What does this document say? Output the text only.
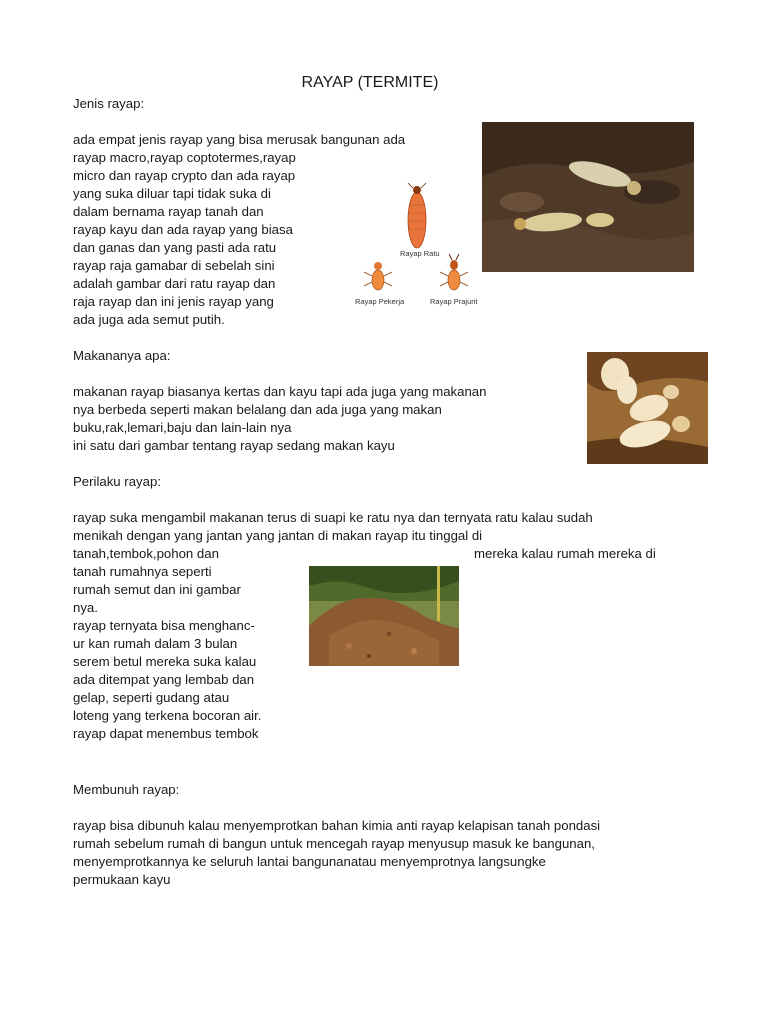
RAYAP (TERMITE)

Jenis rayap:

ada empat jenis rayap yang bisa merusak bangunan ada

rayap macro,rayap coptotermes,rayap

micro dan rayap crypto dan ada rayap

yang suka diluar tapi tidak suka di

dalam bernama rayap tanah dan

rayap kayu dan ada rayap yang biasa

dan ganas dan yang pasti ada ratu

rayap raja gamabar di sebelah sini

adalah gambar dari ratu rayap dan

raja rayap dan ini jenis rayap yang

ada juga ada semut putih.

Rayap Ratu
Rayap Pekerja	Rayap Prajurit

Makananya apa:

makanan rayap biasanya kertas dan kayu tapi ada juga yang makanan

nya berbeda seperti makan belalang dan ada juga yang makan

buku,rak,lemari,baju dan lain-lain nya

ini satu dari gambar tentang rayap sedang makan kayu

Perilaku rayap:

rayap suka mengambil makanan terus di suapi ke ratu nya dan ternyata ratu kalau sudah

menikah dengan yang jantan yang jantan di makan rayap itu tinggal di

tanah,tembok,pohon dan	mereka kalau rumah mereka di

tanah rumahnya seperti

rumah semut dan ini gambar

nya.

rayap ternyata bisa menghanc-

ur kan rumah dalam 3 bulan

serem betul mereka suka kalau

ada ditempat yang lembab dan

gelap, seperti gudang atau

loteng yang terkena bocoran air.

rayap dapat menembus tembok

Membunuh rayap:

rayap bisa dibunuh kalau menyemprotkan bahan kimia anti rayap kelapisan tanah pondasi

rumah sebelum rumah di bangun untuk mencegah rayap menyusup masuk ke bangunan,

menyemprotkannya ke seluruh lantai bangunanatau menyemprotnya langsungke

permukaan kayu
